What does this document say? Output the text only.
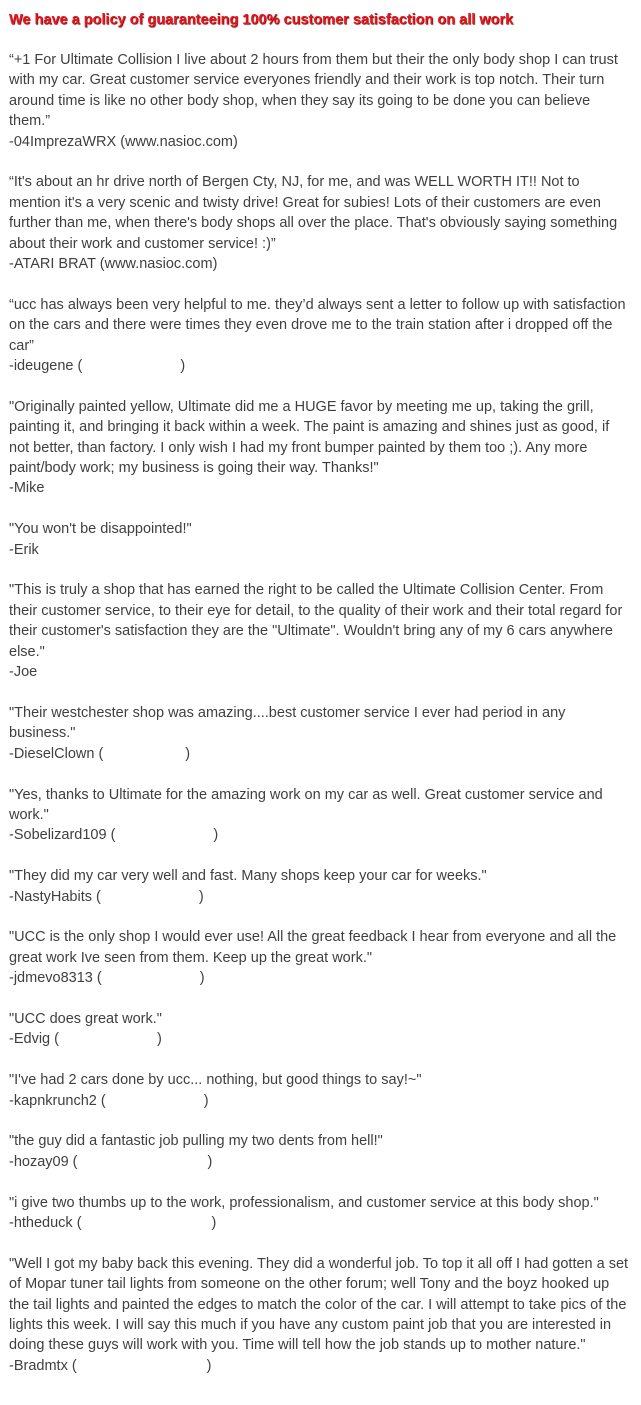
We have a policy of guaranteeing 100% customer satisfaction on all work
“+1 For Ultimate Collision I live about 2 hours from them but their the only body shop I can trust with my car. Great customer service everyones friendly and their work is top notch. Their turn around time is like no other body shop, when they say its going to be done you can believe them.”
-04ImprezaWRX (www.nasioc.com)
“It's about an hr drive north of Bergen Cty, NJ, for me, and was WELL WORTH IT!! Not to mention it's a very scenic and twisty drive! Great for subies! Lots of their customers are even further than me, when there's body shops all over the place. That's obviously saying something about their work and customer service! :)”
-ATARI BRAT (www.nasioc.com)
“ucc has always been very helpful to me. they’d always sent a letter to follow up with satisfaction on the cars and there were times they even drove me to the train station after i dropped off the car”
-ideugene (	)
"Originally painted yellow, Ultimate did me a HUGE favor by meeting me up, taking the grill, painting it, and bringing it back within a week. The paint is amazing and shines just as good, if not better, than factory. I only wish I had my front bumper painted by them too ;). Any more paint/body work; my business is going their way. Thanks!"
-Mike
"You won't be disappointed!"
-Erik
"This is truly a shop that has earned the right to be called the Ultimate Collision Center. From their customer service, to their eye for detail, to the quality of their work and their total regard for their customer's satisfaction they are the "Ultimate". Wouldn't bring any of my 6 cars anywhere else."
-Joe
"Their westchester shop was amazing....best customer service I ever had period in any business."
-DieselClown (	)
"Yes, thanks to Ultimate for the amazing work on my car as well. Great customer service and work."
-Sobelizard109 (	)
"They did my car very well and fast. Many shops keep your car for weeks."
-NastyHabits (	)
"UCC is the only shop I would ever use! All the great feedback I hear from everyone and all the great work Ive seen from them. Keep up the great work."
-jdmevo8313 (	)
"UCC does great work."
-Edvig (	)
"I've had 2 cars done by ucc... nothing, but good things to say!~"
-kapnkrunch2 (	)
"the guy did a fantastic job pulling my two dents from hell!"
-hozay09 (	)
"i give two thumbs up to the work, professionalism, and customer service at this body shop."
-htheduck (	)
"Well I got my baby back this evening. They did a wonderful job. To top it all off I had gotten a set of Mopar tuner tail lights from someone on the other forum; well Tony and the boyz hooked up the tail lights and painted the edges to match the color of the car. I will attempt to take pics of the lights this week. I will say this much if you have any custom paint job that you are interested in doing these guys will work with you. Time will tell how the job stands up to mother nature."
-Bradmtx (	)
